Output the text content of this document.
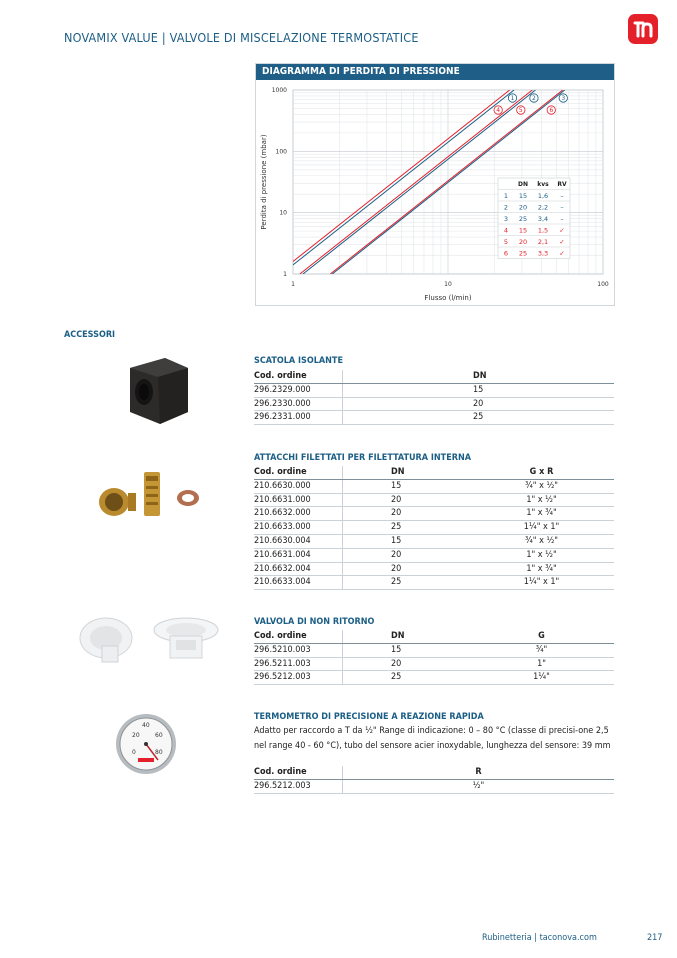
NOVAMIX VALUE | VALVOLE DI MISCELAZIONE TERMOSTATICE
DIAGRAMMA DI PERDITA DI PRESSIONE
1	10	100
1
10
100
1000
Flusso (l/min)
Perdita di pressione (mbar)
1	2	3
4	5	6
DN kvs RV
1 15 1,6 –
2 20 2,2 –
3 25 3,4 –
4 15 1,5 ✓
5 20 2,1 ✓
6 25 3,3 ✓
ACCESSORI
SCATOLA ISOLANTE
Cod. ordine	DN
296.2329.000	15
296.2330.000	20
296.2331.000	25
ATTACCHI FILETTATI PER FILETTATURA INTERNA
Cod. ordine	DN	G x R
210.6630.000	15	¾" x ½"
210.6631.000	20	1" x ½"
210.6632.000	20	1" x ¾"
210.6633.000	25	1¼" x 1"
210.6630.004	15	¾" x ½"
210.6631.004	20	1" x ½"
210.6632.004	20	1" x ¾"
210.6633.004	25	1¼" x 1"
VALVOLA DI NON RITORNO
Cod. ordine	DN	G
296.5210.003	15	¾"
296.5211.003	20	1"
296.5212.003	25	1¼"
20
40
60
0	80
TERMOMETRO DI PRECISIONE A REAZIONE RAPIDA
Adatto per raccordo a T da ½" Range di indicazione: 0 – 80 °C (classe di precisi-one 2,5 nel range 40 - 60 °C), tubo del sensore acier inoxydable, lunghezza del sensore: 39 mm
Cod. ordine	R
296.5212.003	½"
Rubinetteria | taconova.com	217
